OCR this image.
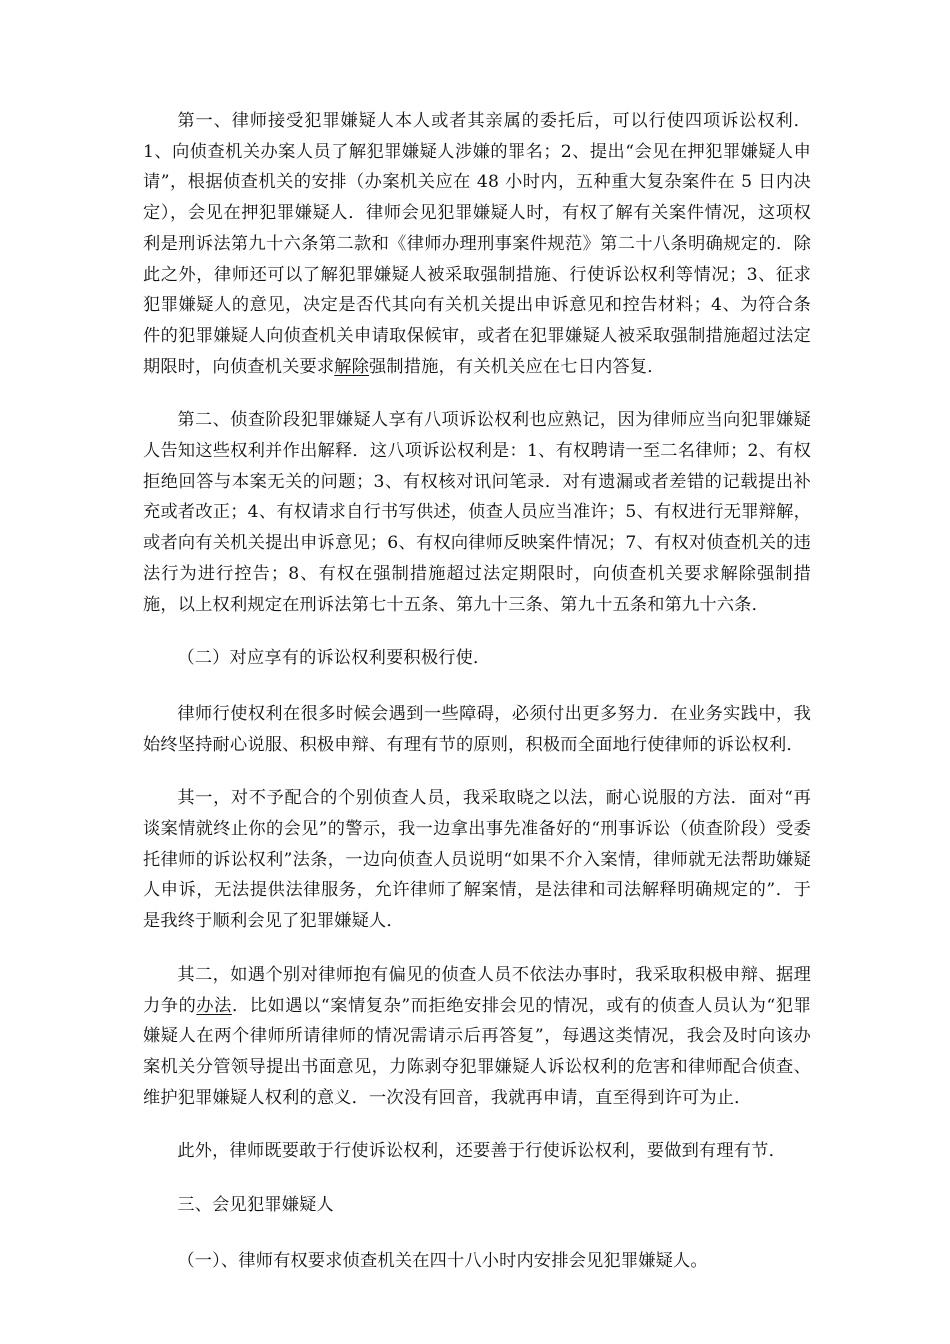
第一、律师接受犯罪嫌疑人本人或者其亲属的委托后，可以行使四项诉讼权利．1、向侦查机关办案人员了解犯罪嫌疑人涉嫌的罪名；2、提出“会见在押犯罪嫌疑人申请”，根据侦查机关的安排（办案机关应在 48 小时内，五种重大复杂案件在 5 日内决定），会见在押犯罪嫌疑人．律师会见犯罪嫌疑人时，有权了解有关案件情况，这项权利是刑诉法第九十六条第二款和《律师办理刑事案件规范》第二十八条明确规定的．除此之外，律师还可以了解犯罪嫌疑人被采取强制措施、行使诉讼权利等情况；3、征求犯罪嫌疑人的意见，决定是否代其向有关机关提出申诉意见和控告材料；4、为符合条件的犯罪嫌疑人向侦查机关申请取保候审，或者在犯罪嫌疑人被采取强制措施超过法定期限时，向侦查机关要求解除强制措施，有关机关应在七日内答复．

第二、侦查阶段犯罪嫌疑人享有八项诉讼权利也应熟记，因为律师应当向犯罪嫌疑人告知这些权利并作出解释．这八项诉讼权利是：1、有权聘请一至二名律师；2、有权拒绝回答与本案无关的问题；3、有权核对讯问笔录．对有遗漏或者差错的记载提出补充或者改正；4、有权请求自行书写供述，侦查人员应当准许；5、有权进行无罪辩解，或者向有关机关提出申诉意见；6、有权向律师反映案件情况；7、有权对侦查机关的违法行为进行控告；8、有权在强制措施超过法定期限时，向侦查机关要求解除强制措施，以上权利规定在刑诉法第七十五条、第九十三条、第九十五条和第九十六条．

（二）对应享有的诉讼权利要积极行使．

律师行使权利在很多时候会遇到一些障碍，必须付出更多努力．在业务实践中，我始终坚持耐心说服、积极申辩、有理有节的原则，积极而全面地行使律师的诉讼权利．

其一，对不予配合的个别侦查人员，我采取晓之以法，耐心说服的方法．面对“再谈案情就终止你的会见”的警示，我一边拿出事先准备好的“刑事诉讼（侦查阶段）受委托律师的诉讼权利”法条，一边向侦查人员说明“如果不介入案情，律师就无法帮助嫌疑人申诉，无法提供法律服务，允许律师了解案情，是法律和司法解释明确规定的”．于是我终于顺利会见了犯罪嫌疑人．

其二，如遇个别对律师抱有偏见的侦查人员不依法办事时，我采取积极申辩、据理力争的办法．比如遇以“案情复杂”而拒绝安排会见的情况，或有的侦查人员认为“犯罪嫌疑人在两个律师所请律师的情况需请示后再答复”，每遇这类情况，我会及时向该办案机关分管领导提出书面意见，力陈剥夺犯罪嫌疑人诉讼权利的危害和律师配合侦查、维护犯罪嫌疑人权利的意义．一次没有回音，我就再申请，直至得到许可为止．

此外，律师既要敢于行使诉讼权利，还要善于行使诉讼权利，要做到有理有节．

三、会见犯罪嫌疑人

（一）、律师有权要求侦查机关在四十八小时内安排会见犯罪嫌疑人。
